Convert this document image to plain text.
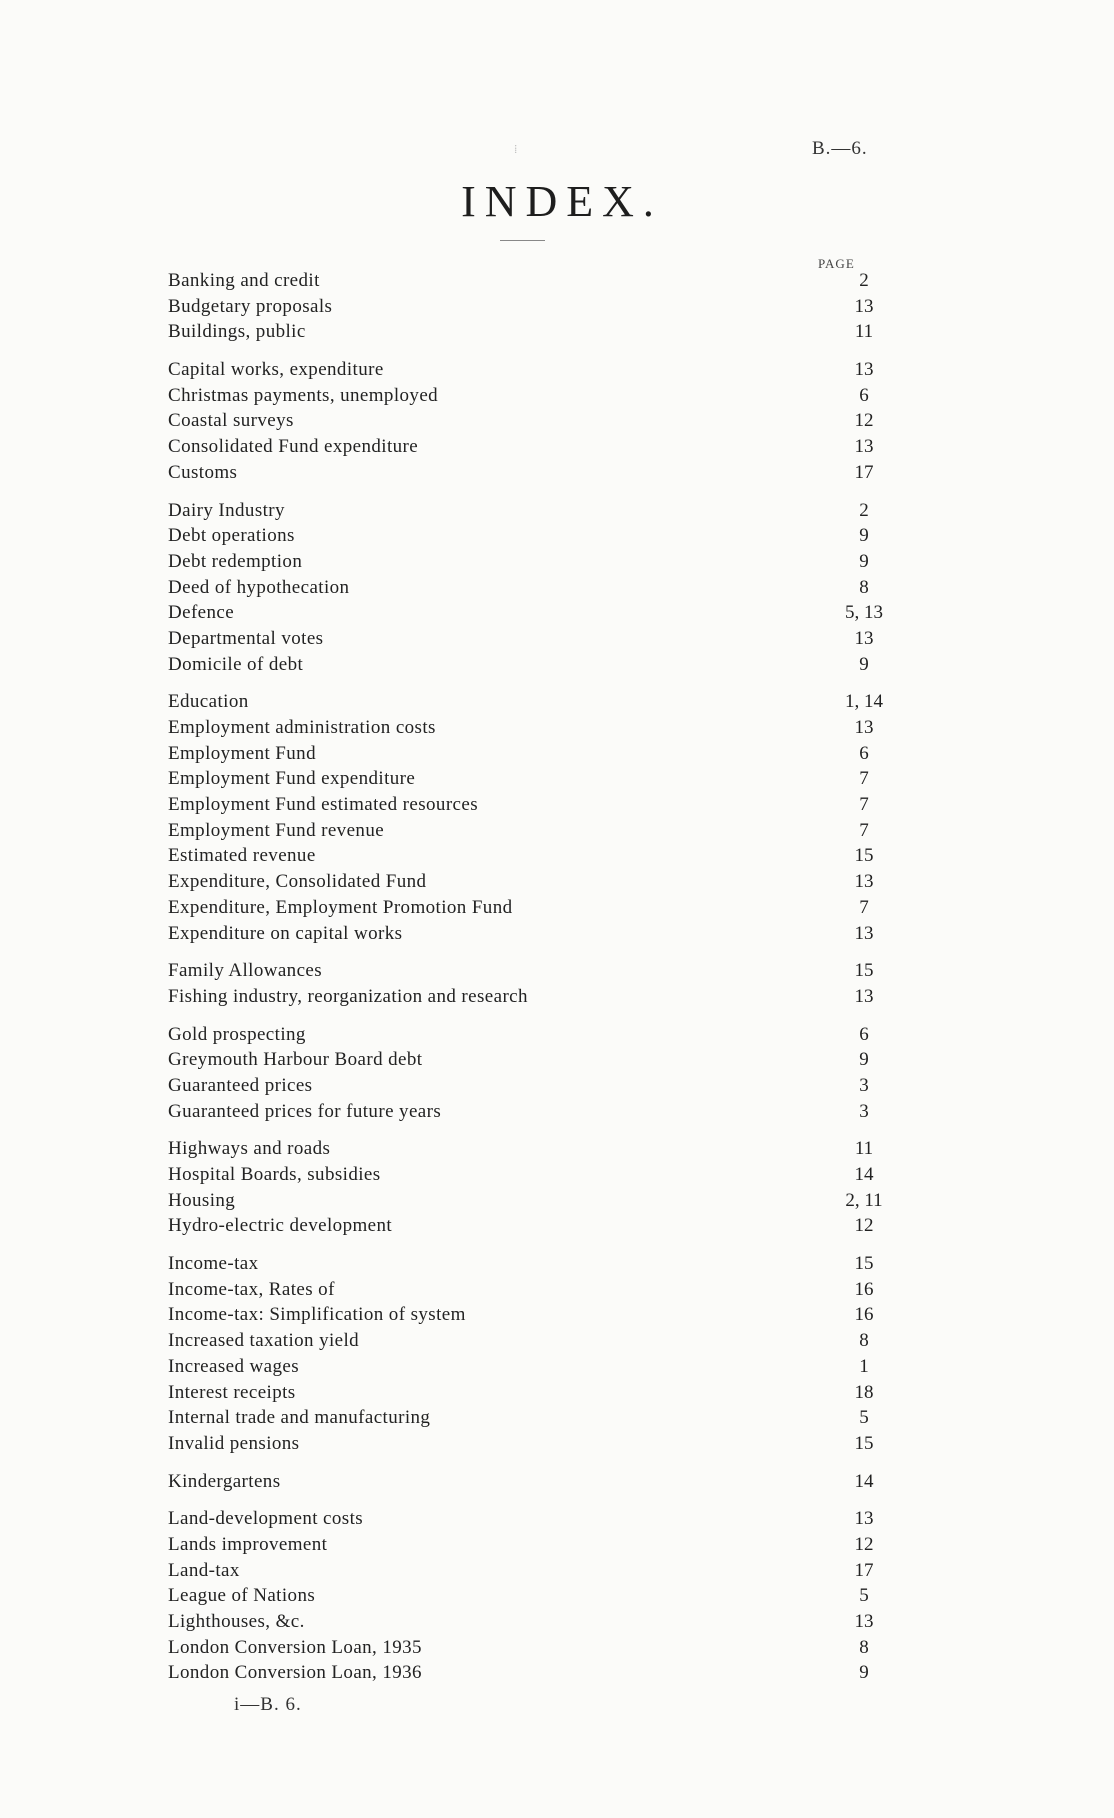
B.—6.
INDEX.
PAGE
Banking and credit	2
Budgetary proposals	13
Buildings, public	11
Capital works, expenditure	13
Christmas payments, unemployed	6
Coastal surveys	12
Consolidated Fund expenditure	13
Customs	17
Dairy Industry	2
Debt operations	9
Debt redemption	9
Deed of hypothecation	8
Defence	5, 13
Departmental votes	13
Domicile of debt	9
Education	1, 14
Employment administration costs	13
Employment Fund	6
Employment Fund expenditure	7
Employment Fund estimated resources	7
Employment Fund revenue	7
Estimated revenue	15
Expenditure, Consolidated Fund	13
Expenditure, Employment Promotion Fund	7
Expenditure on capital works	13
Family Allowances	15
Fishing industry, reorganization and research	13
Gold prospecting	6
Greymouth Harbour Board debt	9
Guaranteed prices	3
Guaranteed prices for future years	3
Highways and roads	11
Hospital Boards, subsidies	14
Housing	2, 11
Hydro-electric development	12
Income-tax	15
Income-tax, Rates of	16
Income-tax: Simplification of system	16
Increased taxation yield	8
Increased wages	1
Interest receipts	18
Internal trade and manufacturing	5
Invalid pensions	15
Kindergartens	14
Land-development costs	13
Lands improvement	12
Land-tax	17
League of Nations	5
Lighthouses, &c.	13
London Conversion Loan, 1935	8
London Conversion Loan, 1936	9
i—B. 6.
⁞
